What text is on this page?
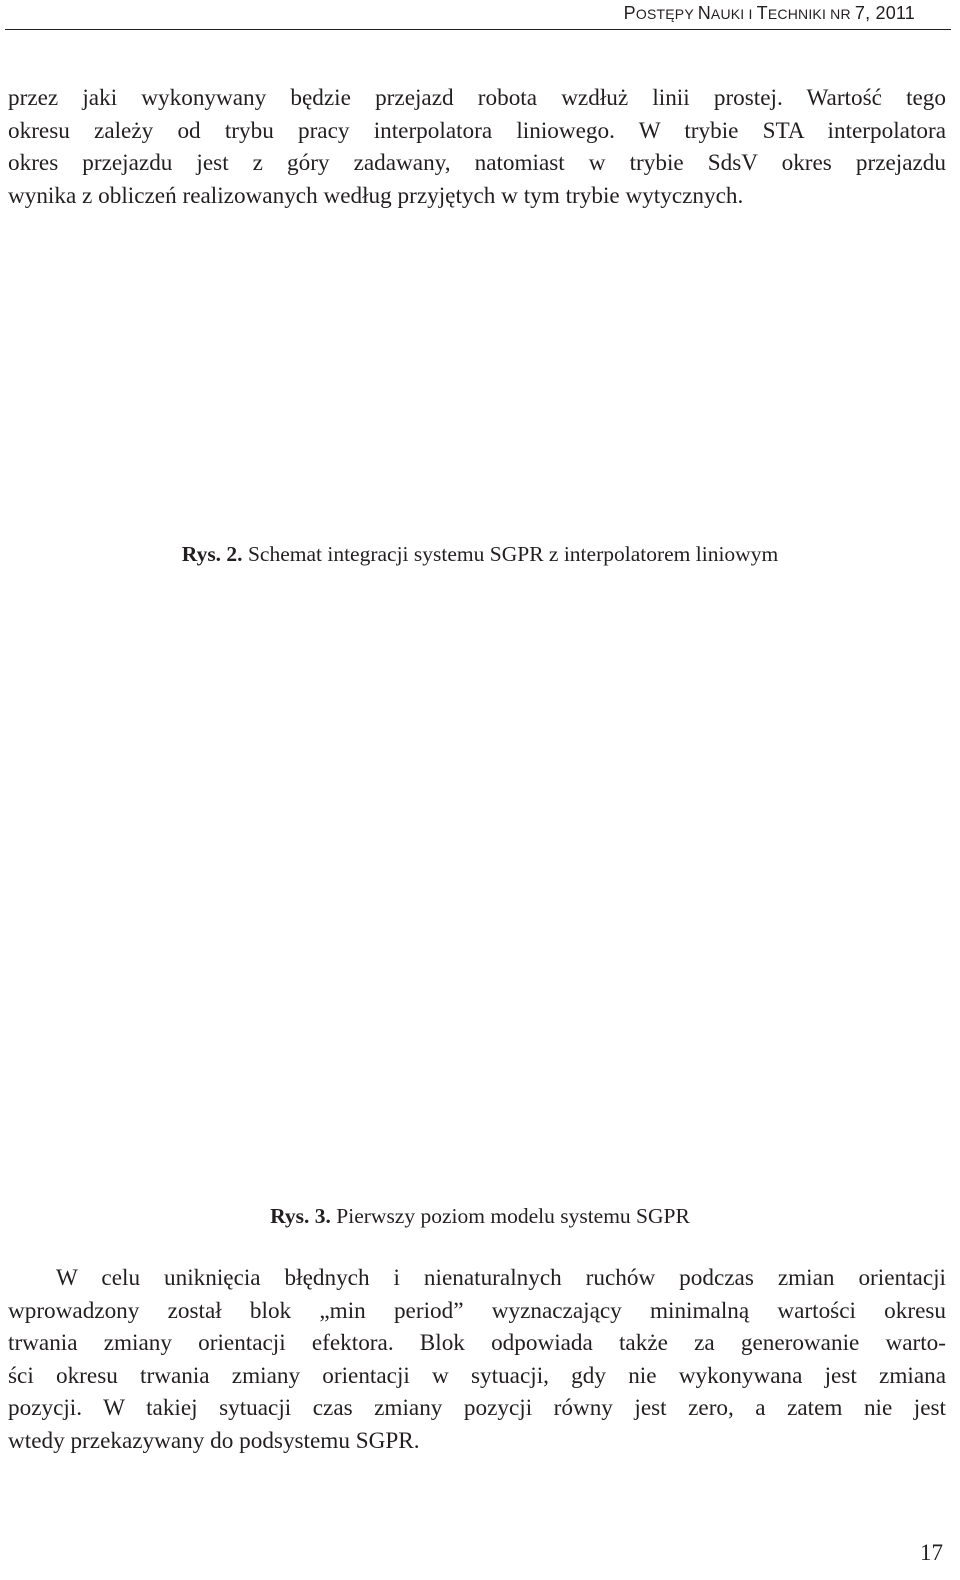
POSTĘPY NAUKI I TECHNIKI NR 7, 2011
przez jaki wykonywany będzie przejazd robota wzdłuż linii prostej. Wartość tego
okresu zależy od trybu pracy interpolatora liniowego. W trybie STA interpolatora
okres przejazdu jest z góry zadawany, natomiast w trybie SdsV okres przejazdu
wynika z obliczeń realizowanych według przyjętych w tym trybie wytycznych.
Rys. 2. Schemat integracji systemu SGPR z interpolatorem liniowym
Rys. 3. Pierwszy poziom modelu systemu SGPR
W celu uniknięcia błędnych i nienaturalnych ruchów podczas zmian orientacji
wprowadzony został blok „min period” wyznaczający minimalną wartości okresu
trwania zmiany orientacji efektora. Blok odpowiada także za generowanie warto-
ści okresu trwania zmiany orientacji w sytuacji, gdy nie wykonywana jest zmiana
pozycji. W takiej sytuacji czas zmiany pozycji równy jest zero, a zatem nie jest
wtedy przekazywany do podsystemu SGPR.
17
